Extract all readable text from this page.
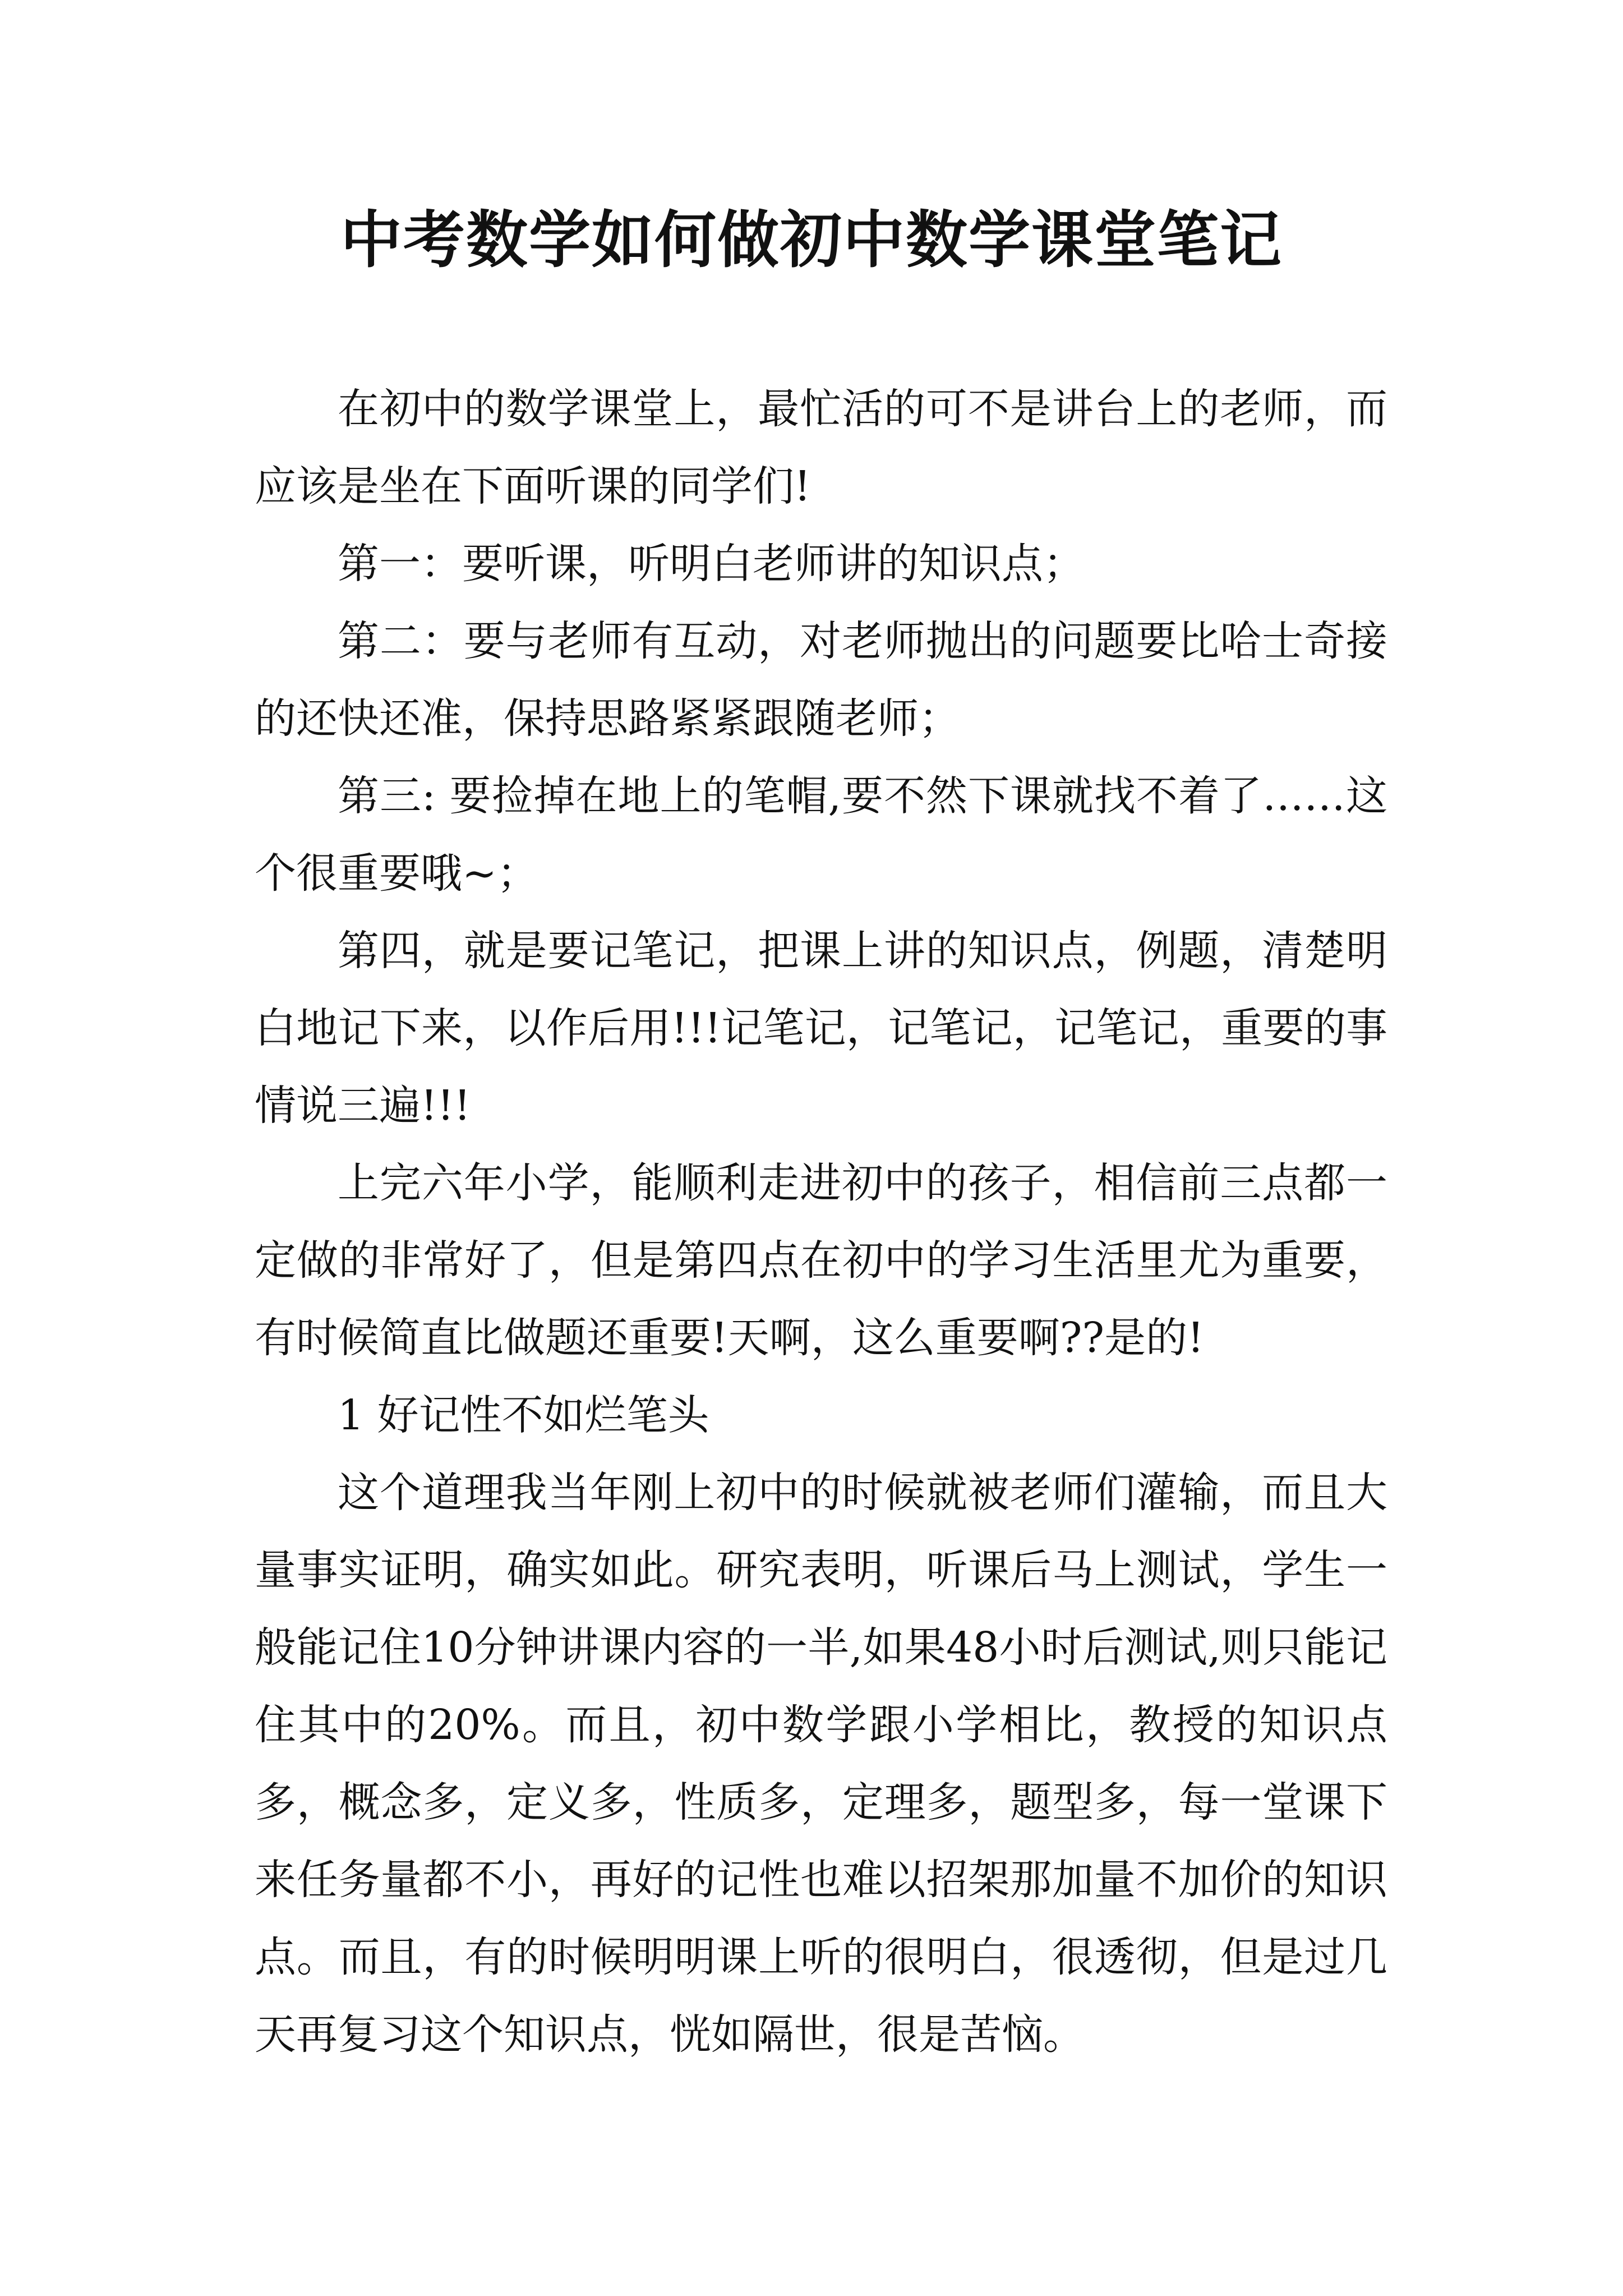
中考数学如何做初中数学课堂笔记

在初中的数学课堂上，最忙活的可不是讲台上的老师，而应该是坐在下面听课的同学们!

第一：要听课，听明白老师讲的知识点；

第二：要与老师有互动，对老师抛出的问题要比哈士奇接的还快还准，保持思路紧紧跟随老师；

第三: 要捡掉在地上的笔帽,要不然下课就找不着了……这个很重要哦~；

第四，就是要记笔记，把课上讲的知识点，例题，清楚明白地记下来，以作后用!!!记笔记，记笔记，记笔记，重要的事情说三遍!!!

上完六年小学，能顺利走进初中的孩子，相信前三点都一定做的非常好了，但是第四点在初中的学习生活里尤为重要，有时候简直比做题还重要!天啊，这么重要啊??是的!

1 好记性不如烂笔头

这个道理我当年刚上初中的时候就被老师们灌输，而且大量事实证明，确实如此。研究表明，听课后马上测试，学生一般能记住10分钟讲课内容的一半,如果48小时后测试,则只能记住其中的20%。而且，初中数学跟小学相比，教授的知识点多，概念多，定义多，性质多，定理多，题型多，每一堂课下来任务量都不小，再好的记性也难以招架那加量不加价的知识点。而且，有的时候明明课上听的很明白，很透彻，但是过几天再复习这个知识点，恍如隔世，很是苦恼。
